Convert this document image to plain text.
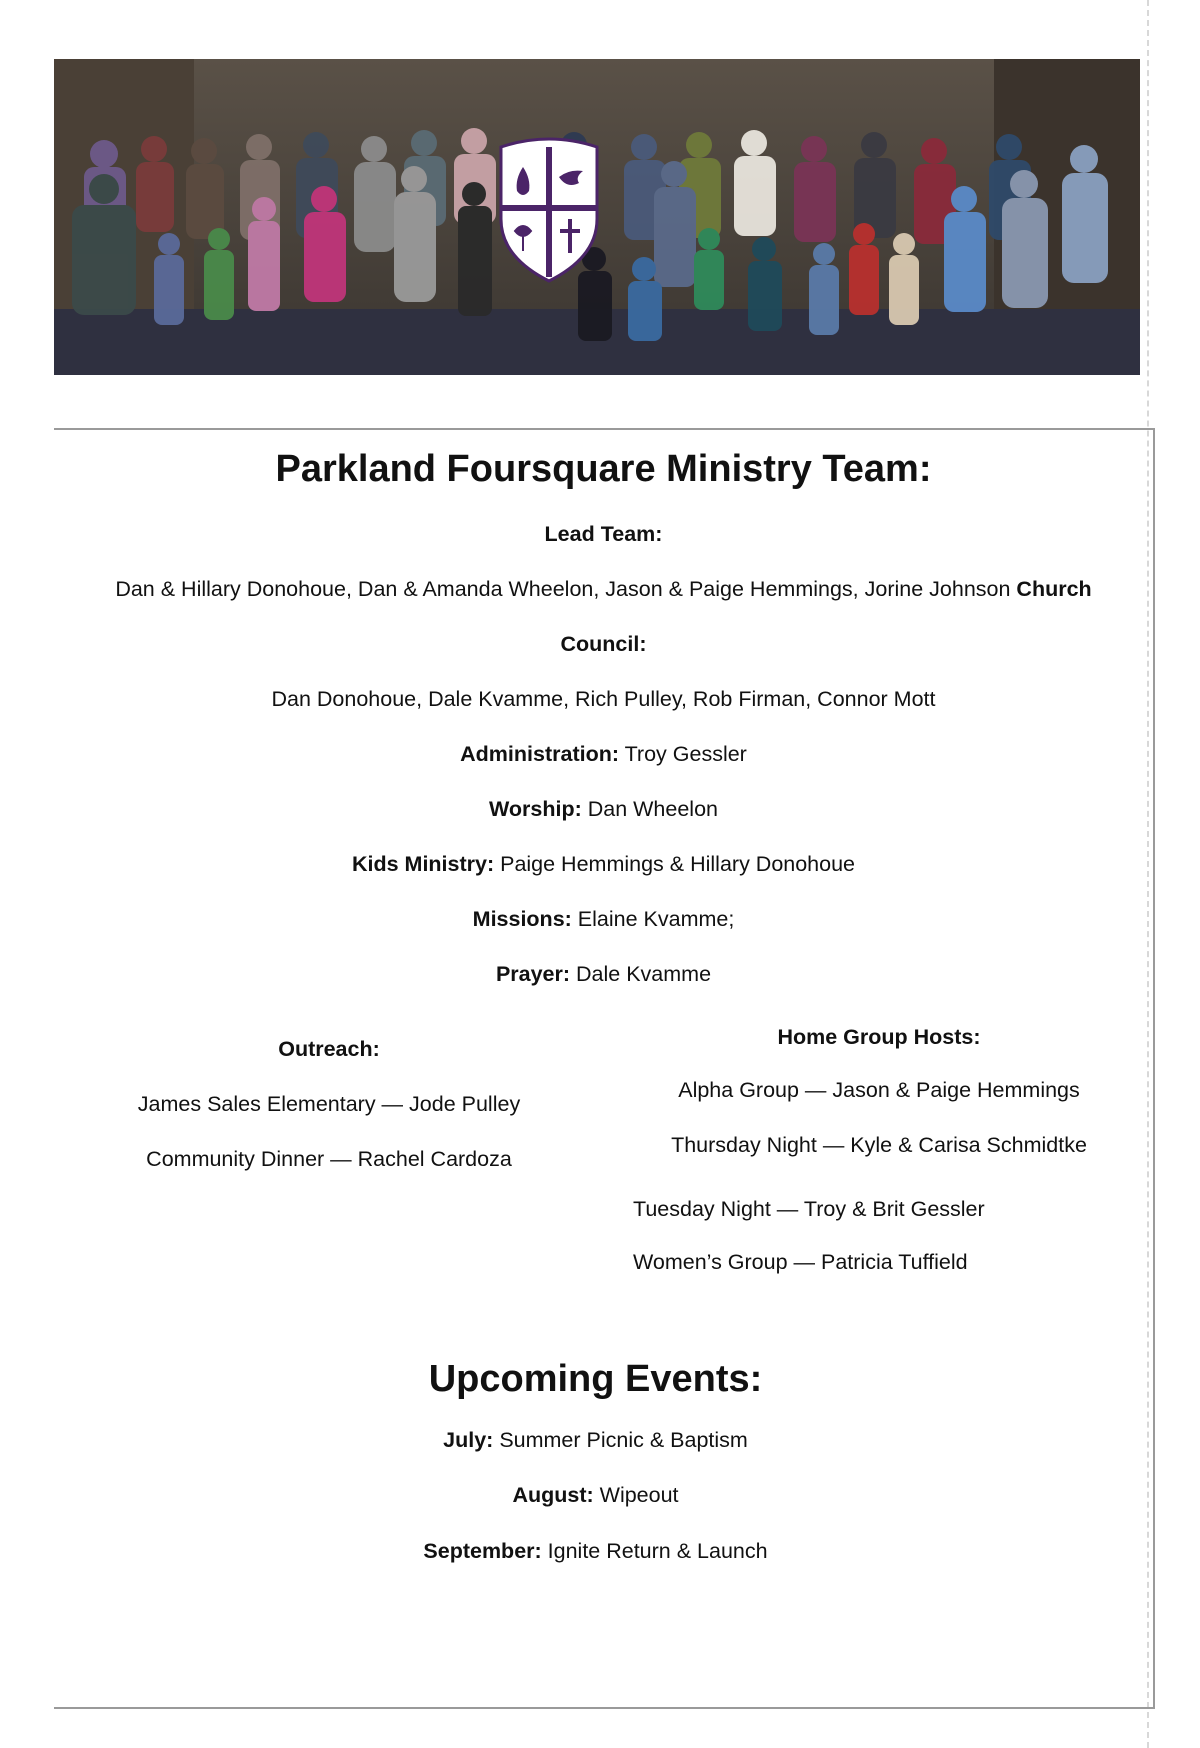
Parkland Foursquare Ministry Team:
Lead Team:
Dan & Hillary Donohoue, Dan & Amanda Wheelon, Jason & Paige Hemmings, Jorine Johnson Church
Council:
Dan Donohoue, Dale Kvamme, Rich Pulley, Rob Firman, Connor Mott
Administration: Troy Gessler
Worship: Dan Wheelon
Kids Ministry: Paige Hemmings & Hillary Donohoue
Missions: Elaine Kvamme;
Prayer: Dale Kvamme
Outreach:
James Sales Elementary — Jode Pulley
Community Dinner — Rachel Cardoza
Home Group Hosts:
Alpha Group — Jason & Paige Hemmings
Thursday Night — Kyle & Carisa Schmidtke
Tuesday Night — Troy & Brit Gessler
Women’s Group — Patricia Tuffield
Upcoming Events:
July: Summer Picnic & Baptism
August: Wipeout
September: Ignite Return & Launch
